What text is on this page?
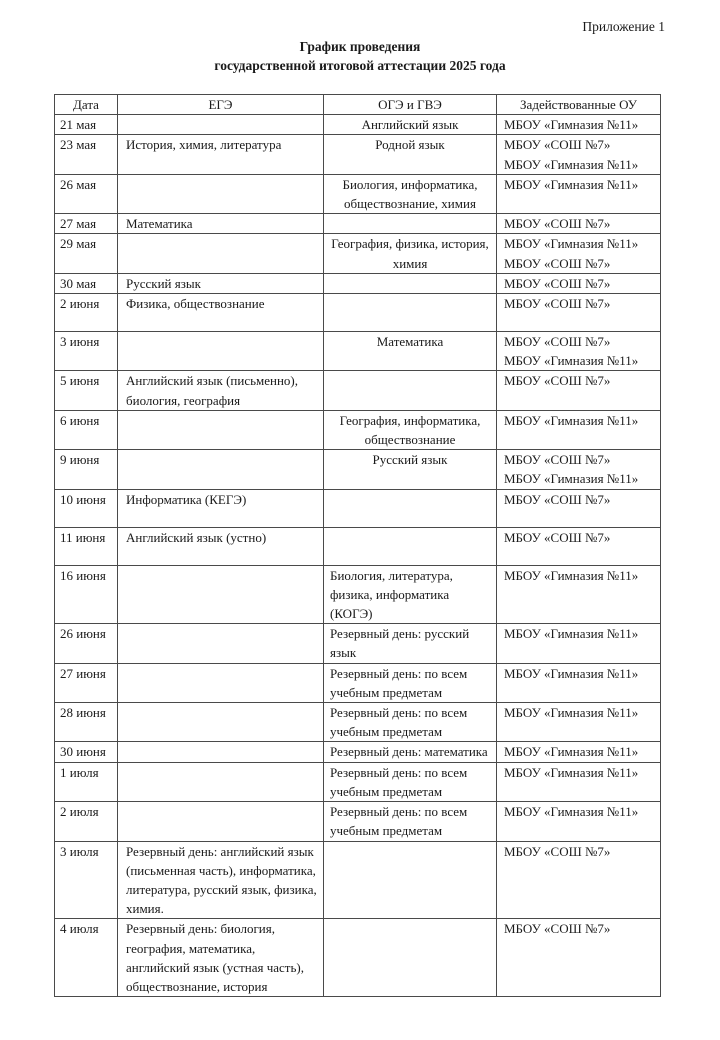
Приложение 1
График проведения
государственной итоговой аттестации 2025 года
Дата	ЕГЭ	ОГЭ и ГВЭ	Задействованные ОУ
21 мая		Английский язык	МБОУ «Гимназия №11»

23 мая	История, химия, литература	Родной язык	МБОУ «СОШ №7»
МБОУ «Гимназия №11»

26 мая		Биология, информатика, обществознание, химия	МБОУ «Гимназия №11»

27 мая	Математика		МБОУ «СОШ №7»

29 мая		География, физика, история, химия	МБОУ «Гимназия №11»
МБОУ «СОШ №7»

30 мая	Русский язык		МБОУ «СОШ №7»

2 июня	Физика, обществознание		МБОУ «СОШ №7»

3 июня		Математика	МБОУ «СОШ №7»
МБОУ «Гимназия №11»

5 июня	Английский язык (письменно), биология, география		МБОУ «СОШ №7»

6 июня		География, информатика, обществознание	МБОУ «Гимназия №11»

9 июня		Русский язык	МБОУ «СОШ №7»
МБОУ «Гимназия №11»

10 июня	Информатика (КЕГЭ)		МБОУ «СОШ №7»

11 июня	Английский язык (устно)		МБОУ «СОШ №7»

16 июня		Биология, литература, физика, информатика (КОГЭ)	МБОУ «Гимназия №11»

26 июня		Резервный день: русский язык	МБОУ «Гимназия №11»

27 июня		Резервный день: по всем учебным предметам	МБОУ «Гимназия №11»

28 июня		Резервный день: по всем учебным предметам	МБОУ «Гимназия №11»

30 июня		Резервный день: математика	МБОУ «Гимназия №11»

1 июля		Резервный день: по всем учебным предметам	МБОУ «Гимназия №11»

2 июля		Резервный день: по всем учебным предметам	МБОУ «Гимназия №11»

3 июля	Резервный день: английский язык (письменная часть), информатика, литература, русский язык, физика, химия.		МБОУ «СОШ №7»

4 июля	Резервный день: биология, география, математика, английский язык (устная часть), обществознание, история		МБОУ «СОШ №7»
